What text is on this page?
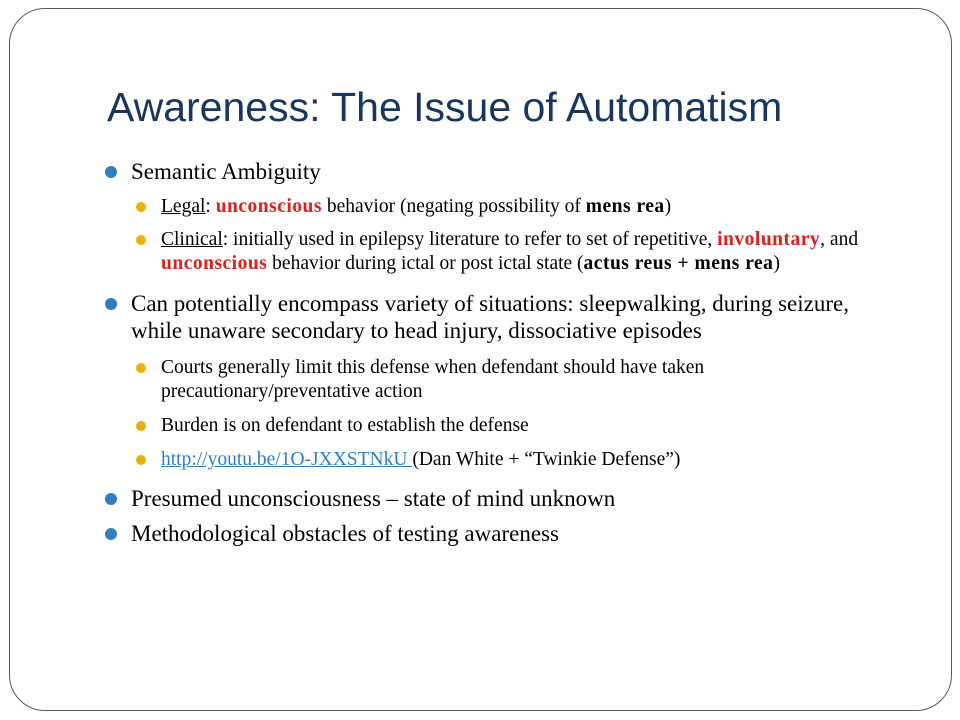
Awareness: The Issue of Automatism
Semantic Ambiguity
Legal: unconscious behavior (negating possibility of mens rea)
Clinical: initially used in epilepsy literature to refer to set of repetitive, involuntary, and unconscious behavior during ictal or post ictal state (actus reus + mens rea)
Can potentially encompass variety of situations: sleepwalking, during seizure, while unaware secondary to head injury, dissociative episodes
Courts generally limit this defense when defendant should have taken precautionary/preventative action
Burden is on defendant to establish the defense
http://youtu.be/1O-JXXSTNkU (Dan White + “Twinkie Defense”)
Presumed unconsciousness – state of mind unknown
Methodological obstacles of testing awareness
